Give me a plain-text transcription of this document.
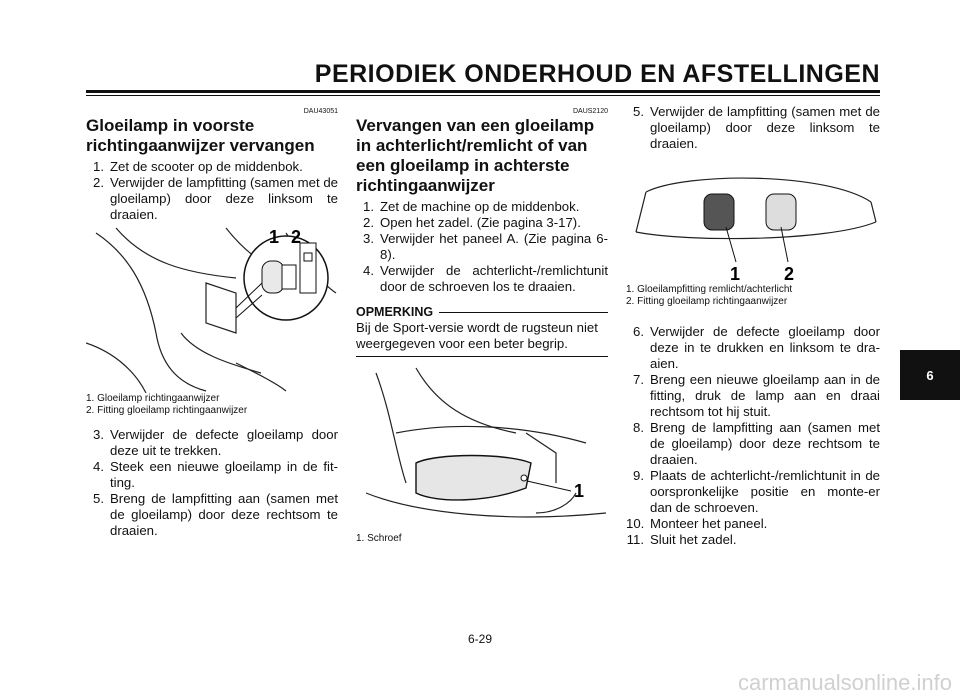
PERIODIEK ONDERHOUD EN AFSTELLINGEN
DAU43051
Gloeilamp in voorste richtingaanwijzer vervangen
1. Zet de scooter op de middenbok.
2. Verwijder de lampfitting (samen met de gloeilamp) door deze linksom te draaien.
1 2
1. Gloeilamp richtingaanwijzer
2. Fitting gloeilamp richtingaanwijzer
3. Verwijder de defecte gloeilamp door deze uit te trekken.
4. Steek een nieuwe gloeilamp in de fit-ting.
5. Breng de lampfitting aan (samen met de gloeilamp) door deze rechtsom te draaien.
DAUS2120
Vervangen van een gloeilamp in achterlicht/remlicht of van een gloeilamp in achterste richtingaanwijzer
1. Zet de machine op de middenbok.
2. Open het zadel. (Zie pagina 3-17).
3. Verwijder het paneel A. (Zie pagina 6-8).
4. Verwijder de achterlicht-/remlichtunit door de schroeven los te draaien.
OPMERKING
Bij de Sport-versie wordt de rugsteun niet weergegeven voor een beter begrip.
1
1. Schroef
5. Verwijder de lampfitting (samen met de gloeilamp) door deze linksom te draaien.
1 2
1. Gloeilampfitting remlicht/achterlicht
2. Fitting gloeilamp richtingaanwijzer
6. Verwijder de defecte gloeilamp door deze in te drukken en linksom te dra-aien.
7. Breng een nieuwe gloeilamp aan in de fitting, druk de lamp aan en draai rechtsom tot hij stuit.
8. Breng de lampfitting aan (samen met de gloeilamp) door deze rechtsom te draaien.
9. Plaats de achterlicht-/remlichtunit in de oorspronkelijke positie en monte-er dan de schroeven.
10. Monteer het paneel.
11. Sluit het zadel.
6
6-29
carmanualsonline.info
